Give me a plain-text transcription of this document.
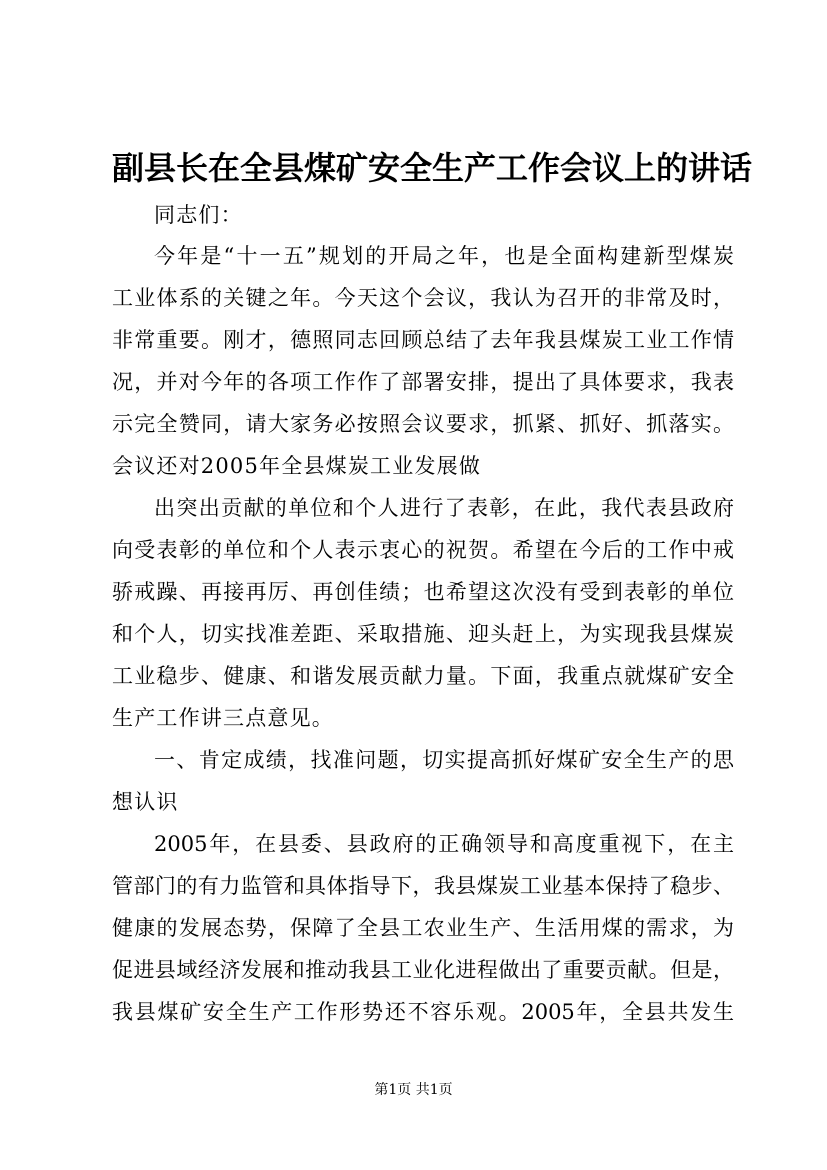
副县长在全县煤矿安全生产工作会议上的讲话
同志们：
今年是“十一五”规划的开局之年，也是全面构建新型煤炭
工业体系的关键之年。今天这个会议，我认为召开的非常及时，
非常重要。刚才，德照同志回顾总结了去年我县煤炭工业工作情
况，并对今年的各项工作作了部署安排，提出了具体要求，我表
示完全赞同，请大家务必按照会议要求，抓紧、抓好、抓落实。
会议还对2005年全县煤炭工业发展做
出突出贡献的单位和个人进行了表彰，在此，我代表县政府
向受表彰的单位和个人表示衷心的祝贺。希望在今后的工作中戒
骄戒躁、再接再厉、再创佳绩；也希望这次没有受到表彰的单位
和个人，切实找准差距、采取措施、迎头赶上，为实现我县煤炭
工业稳步、健康、和谐发展贡献力量。下面，我重点就煤矿安全
生产工作讲三点意见。
一、肯定成绩，找准问题，切实提高抓好煤矿安全生产的思
想认识
2005年，在县委、县政府的正确领导和高度重视下，在主
管部门的有力监管和具体指导下，我县煤炭工业基本保持了稳步、
健康的发展态势，保障了全县工农业生产、生活用煤的需求，为
促进县域经济发展和推动我县工业化进程做出了重要贡献。但是，
我县煤矿安全生产工作形势还不容乐观。2005年，全县共发生
第1页 共1页
